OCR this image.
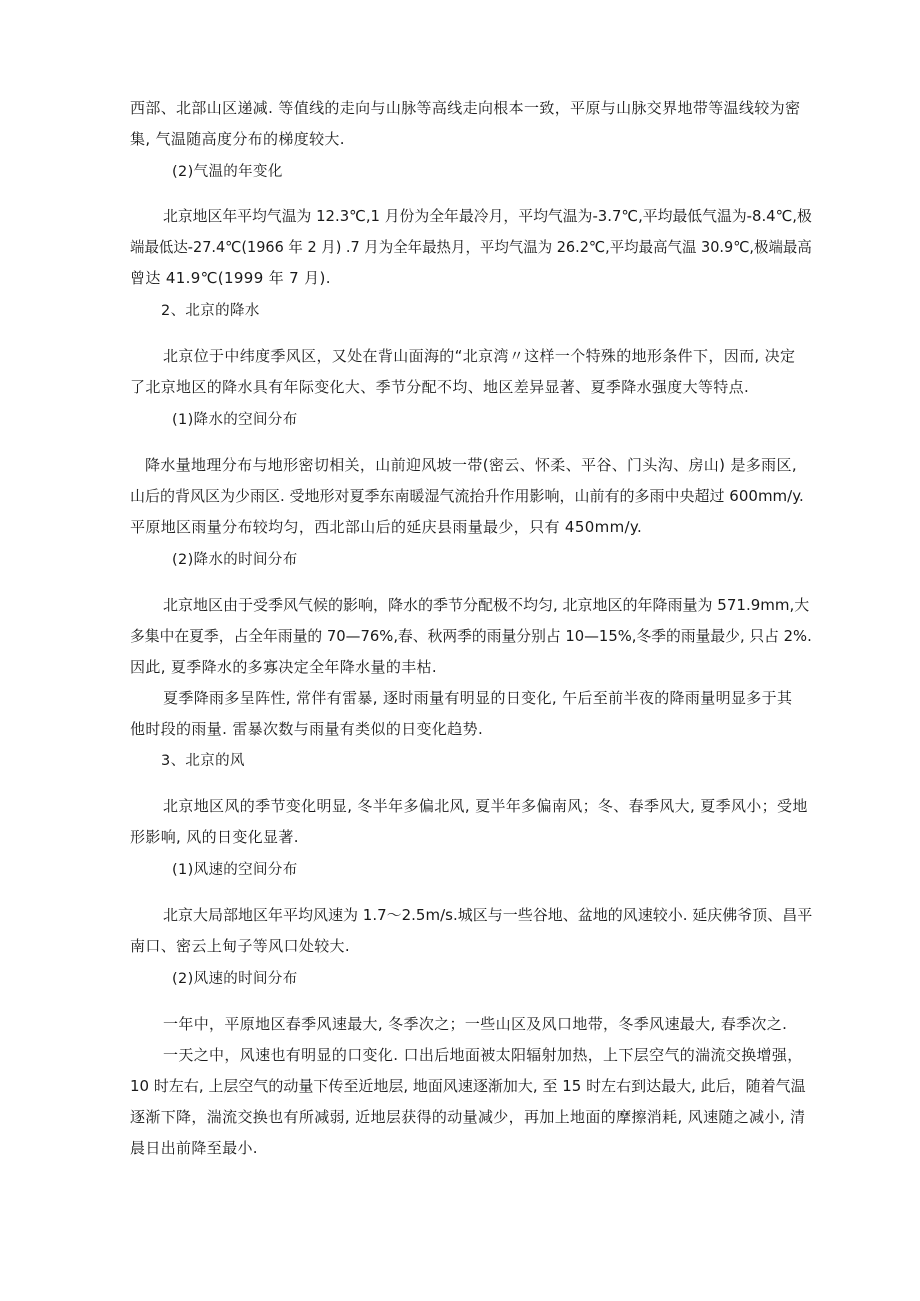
西部、北部山区递减. 等值线的走向与山脉等高线走向根本一致，平原与山脉交界地带等温线较为密
集, 气温随高度分布的梯度较大.
(2)气温的年变化
北京地区年平均气温为 12.3℃,1 月份为全年最冷月，平均气温为-3.7℃,平均最低气温为-8.4℃,极
端最低达-27.4℃(1966 年 2 月) .7 月为全年最热月，平均气温为 26.2℃,平均最高气温 30.9℃,极端最高
曾达 41.9℃(1999 年 7 月).
2、北京的降水
北京位于中纬度季风区，又处在背山面海的“北京湾〃这样一个特殊的地形条件下，因而, 决定
了北京地区的降水具有年际变化大、季节分配不均、地区差异显著、夏季降水强度大等特点.
(1)降水的空间分布
降水量地理分布与地形密切相关，山前迎风坡一带(密云、怀柔、平谷、门头沟、房山) 是多雨区,
山后的背风区为少雨区. 受地形对夏季东南暖湿气流抬升作用影响，山前有的多雨中央超过 600mm∕y.
平原地区雨量分布较均匀，西北部山后的延庆县雨量最少，只有 450mm∕y.
(2)降水的时间分布
北京地区由于受季风气候的影响，降水的季节分配极不均匀, 北京地区的年降雨量为 571.9mm,大
多集中在夏季，占全年雨量的 70—76%,春、秋两季的雨量分别占 10—15%,冬季的雨量最少, 只占 2%.
因此, 夏季降水的多寡决定全年降水量的丰枯.
夏季降雨多呈阵性, 常伴有雷暴, 逐时雨量有明显的日变化, 午后至前半夜的降雨量明显多于其
他时段的雨量. 雷暴次数与雨量有类似的日变化趋势.
3、北京的风
北京地区风的季节变化明显, 冬半年多偏北风, 夏半年多偏南风；冬、春季风大, 夏季风小；受地
形影响, 风的日变化显著.
(1)风速的空间分布
北京大局部地区年平均风速为 1.7～2.5m∕s.城区与一些谷地、盆地的风速较小. 延庆佛爷顶、昌平
南口、密云上甸子等风口处较大.
(2)风速的时间分布
一年中，平原地区春季风速最大, 冬季次之；一些山区及风口地带，冬季风速最大, 春季次之.
一天之中，风速也有明显的口变化. 口出后地面被太阳辐射加热，上下层空气的湍流交换增强，
10 时左右, 上层空气的动量下传至近地层, 地面风速逐渐加大, 至 15 时左右到达最大, 此后，随着气温
逐渐下降，湍流交换也有所减弱, 近地层获得的动量减少，再加上地面的摩擦消耗, 风速随之减小, 清
晨日出前降至最小.
